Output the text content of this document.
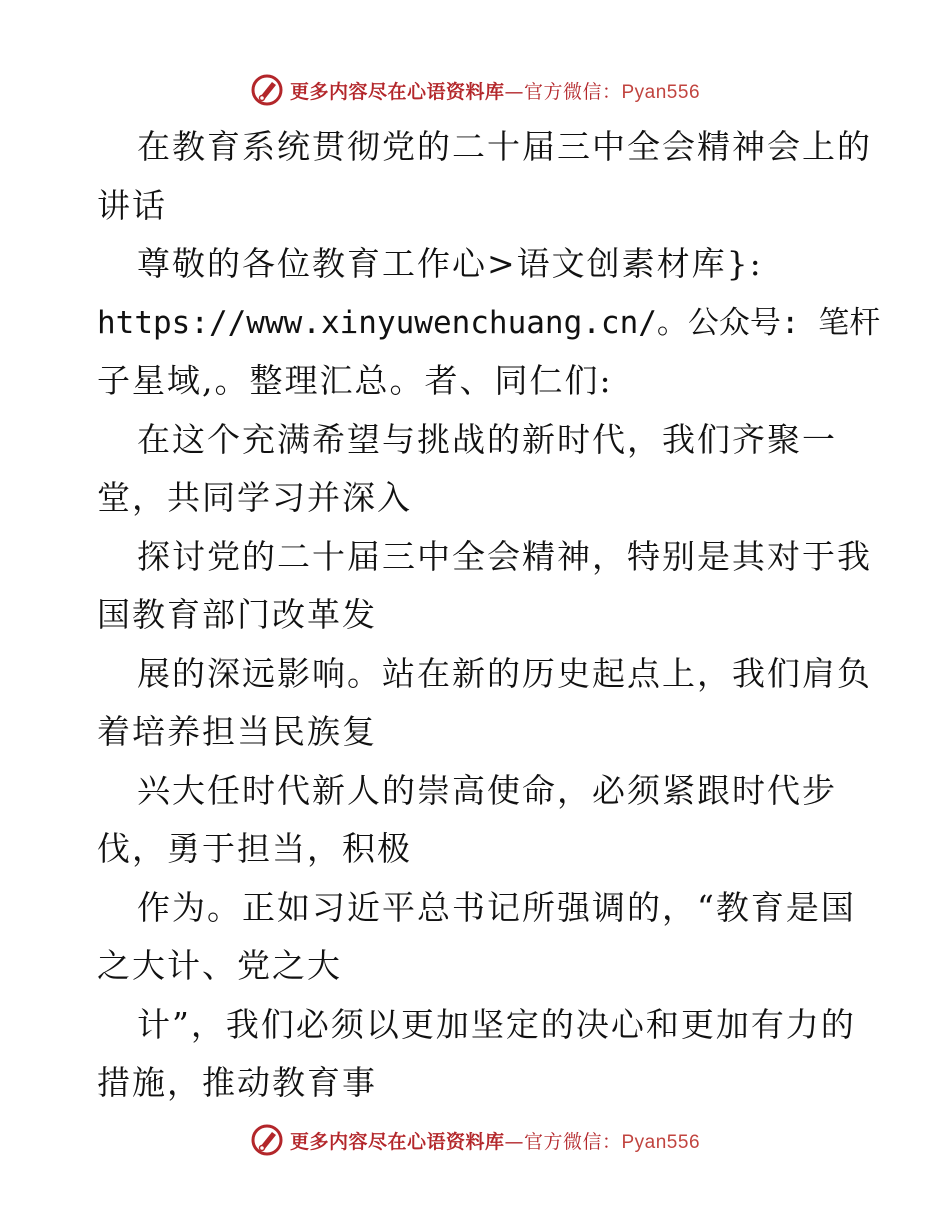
更多内容尽在心语资料库—官方微信：Pyan556
在教育系统贯彻党的二十届三中全会精神会上的
讲话
尊敬的各位教育工作心>语文创素材库}:
https://www.xinyuwenchuang.cn/。公众号: 笔杆
子星域,。整理汇总。者、同仁们:
在这个充满希望与挑战的新时代，我们齐聚一
堂，共同学习并深入
探讨党的二十届三中全会精神，特别是其对于我
国教育部门改革发
展的深远影响。站在新的历史起点上，我们肩负
着培养担当民族复
兴大任时代新人的崇高使命，必须紧跟时代步
伐，勇于担当，积极
作为。正如习近平总书记所强调的，“教育是国
之大计、党之大
计”，我们必须以更加坚定的决心和更加有力的
措施，推动教育事
更多内容尽在心语资料库—官方微信：Pyan556
